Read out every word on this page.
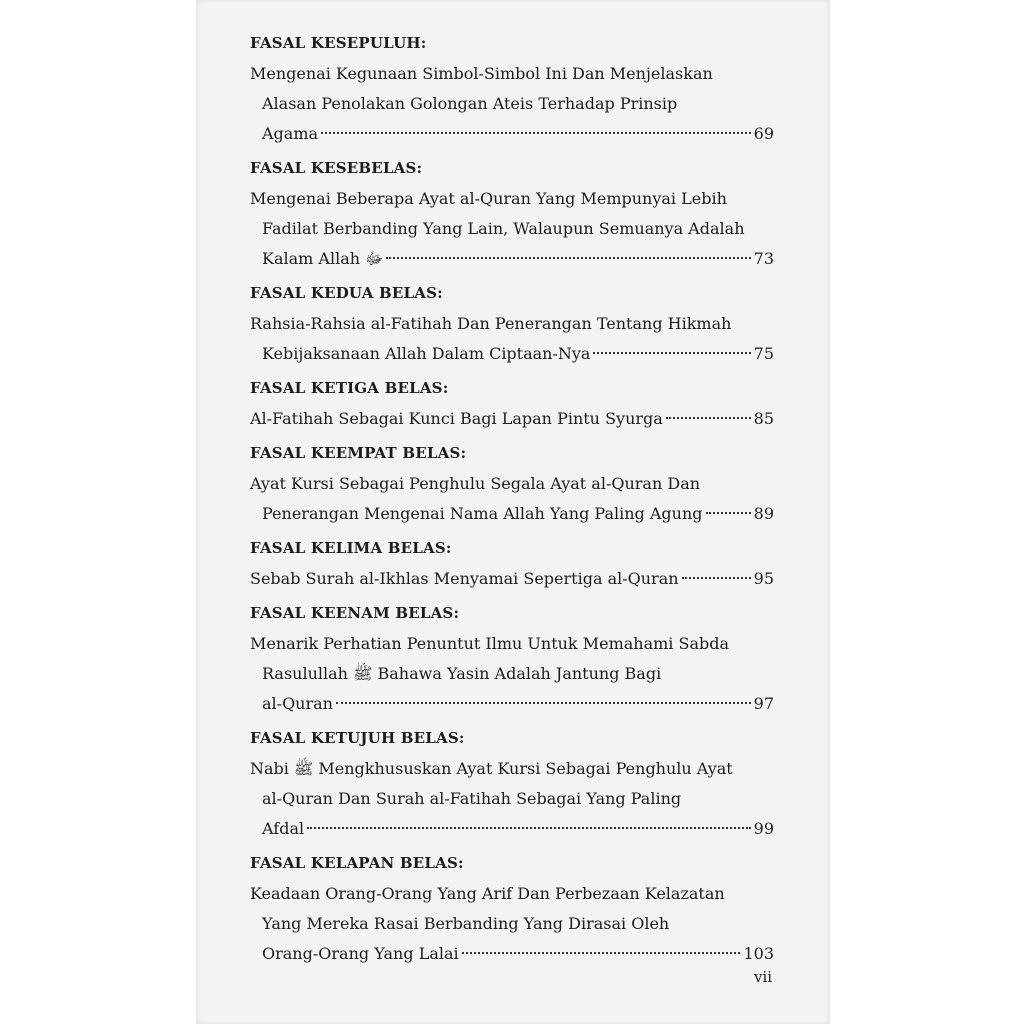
FASAL KESEPULUH:
Mengenai Kegunaan Simbol-Simbol Ini Dan Menjelaskan
Alasan Penolakan Golongan Ateis Terhadap Prinsip
Agama	69
FASAL KESEBELAS:
Mengenai Beberapa Ayat al-Quran Yang Mempunyai Lebih
Fadilat Berbanding Yang Lain, Walaupun Semuanya Adalah
Kalam Allah ﷻ	73
FASAL KEDUA BELAS:
Rahsia-Rahsia al-Fatihah Dan Penerangan Tentang Hikmah
Kebijaksanaan Allah Dalam Ciptaan-Nya	75
FASAL KETIGA BELAS:
Al-Fatihah Sebagai Kunci Bagi Lapan Pintu Syurga	85
FASAL KEEMPAT BELAS:
Ayat Kursi Sebagai Penghulu Segala Ayat al-Quran Dan
Penerangan Mengenai Nama Allah Yang Paling Agung	89
FASAL KELIMA BELAS:
Sebab Surah al-Ikhlas Menyamai Sepertiga al-Quran	95
FASAL KEENAM BELAS:
Menarik Perhatian Penuntut Ilmu Untuk Memahami Sabda
Rasulullah ﷺ Bahawa Yasin Adalah Jantung Bagi
al-Quran	97
FASAL KETUJUH BELAS:
Nabi ﷺ Mengkhususkan Ayat Kursi Sebagai Penghulu Ayat
al-Quran Dan Surah al-Fatihah Sebagai Yang Paling
Afdal	99
FASAL KELAPAN BELAS:
Keadaan Orang-Orang Yang Arif Dan Perbezaan Kelazatan
Yang Mereka Rasai Berbanding Yang Dirasai Oleh
Orang-Orang Yang Lalai	103
vii
